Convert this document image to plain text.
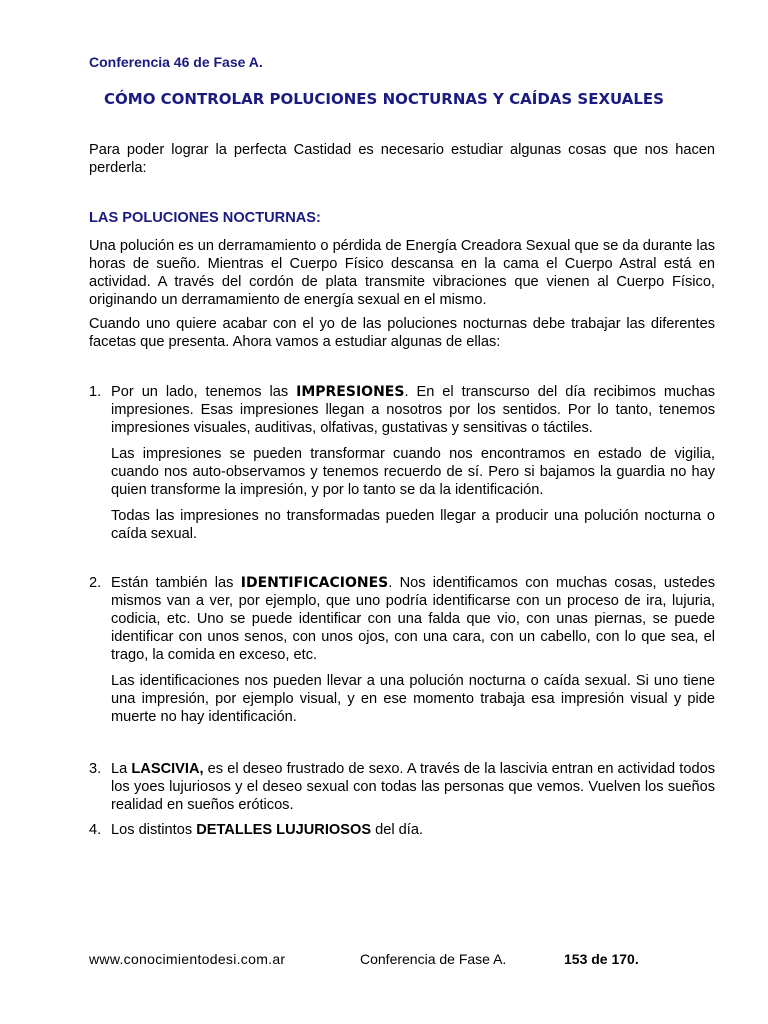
Conferencia 46 de Fase A.
CÓMO CONTROLAR POLUCIONES NOCTURNAS Y CAÍDAS SEXUALES
Para poder lograr la perfecta Castidad es necesario estudiar algunas cosas que nos hacen perderla:
LAS POLUCIONES NOCTURNAS:
Una polución es un derramamiento o pérdida de Energía Creadora Sexual que se da durante las horas de sueño. Mientras el Cuerpo Físico descansa en la cama el Cuerpo Astral está en actividad. A través del cordón de plata transmite vibraciones que vienen al Cuerpo Físico, originando un derramamiento de energía sexual en el mismo.
Cuando uno quiere acabar con el yo de las poluciones nocturnas debe trabajar las diferentes facetas que presenta. Ahora vamos a estudiar algunas de ellas:
1. Por un lado, tenemos las IMPRESIONES. En el transcurso del día recibimos muchas impresiones. Esas impresiones llegan a nosotros por los sentidos. Por lo tanto, tenemos impresiones visuales, auditivas, olfativas, gustativas y sensitivas o táctiles.
Las impresiones se pueden transformar cuando nos encontramos en estado de vigilia, cuando nos auto-observamos y tenemos recuerdo de sí. Pero si bajamos la guardia no hay quien transforme la impresión, y por lo tanto se da la identificación.
Todas las impresiones no transformadas pueden llegar a producir una polución nocturna o caída sexual.
2. Están también las IDENTIFICACIONES. Nos identificamos con muchas cosas, ustedes mismos van a ver, por ejemplo, que uno podría identificarse con un proceso de ira, lujuria, codicia, etc. Uno se puede identificar con una falda que vio, con unas piernas, se puede identificar con unos senos, con unos ojos, con una cara, con un cabello, con lo que sea, el trago, la comida en exceso, etc.
Las identificaciones nos pueden llevar a una polución nocturna o caída sexual. Si uno tiene una impresión, por ejemplo visual, y en ese momento trabaja esa impresión visual y pide muerte no hay identificación.
3. La LASCIVIA, es el deseo frustrado de sexo. A través de la lascivia entran en actividad todos los yoes lujuriosos y el deseo sexual con todas las personas que vemos. Vuelven los sueños realidad en sueños eróticos.
4. Los distintos DETALLES LUJURIOSOS del día.
www.conocimientodesi.com.ar	Conferencia de Fase A.	153 de 170.
